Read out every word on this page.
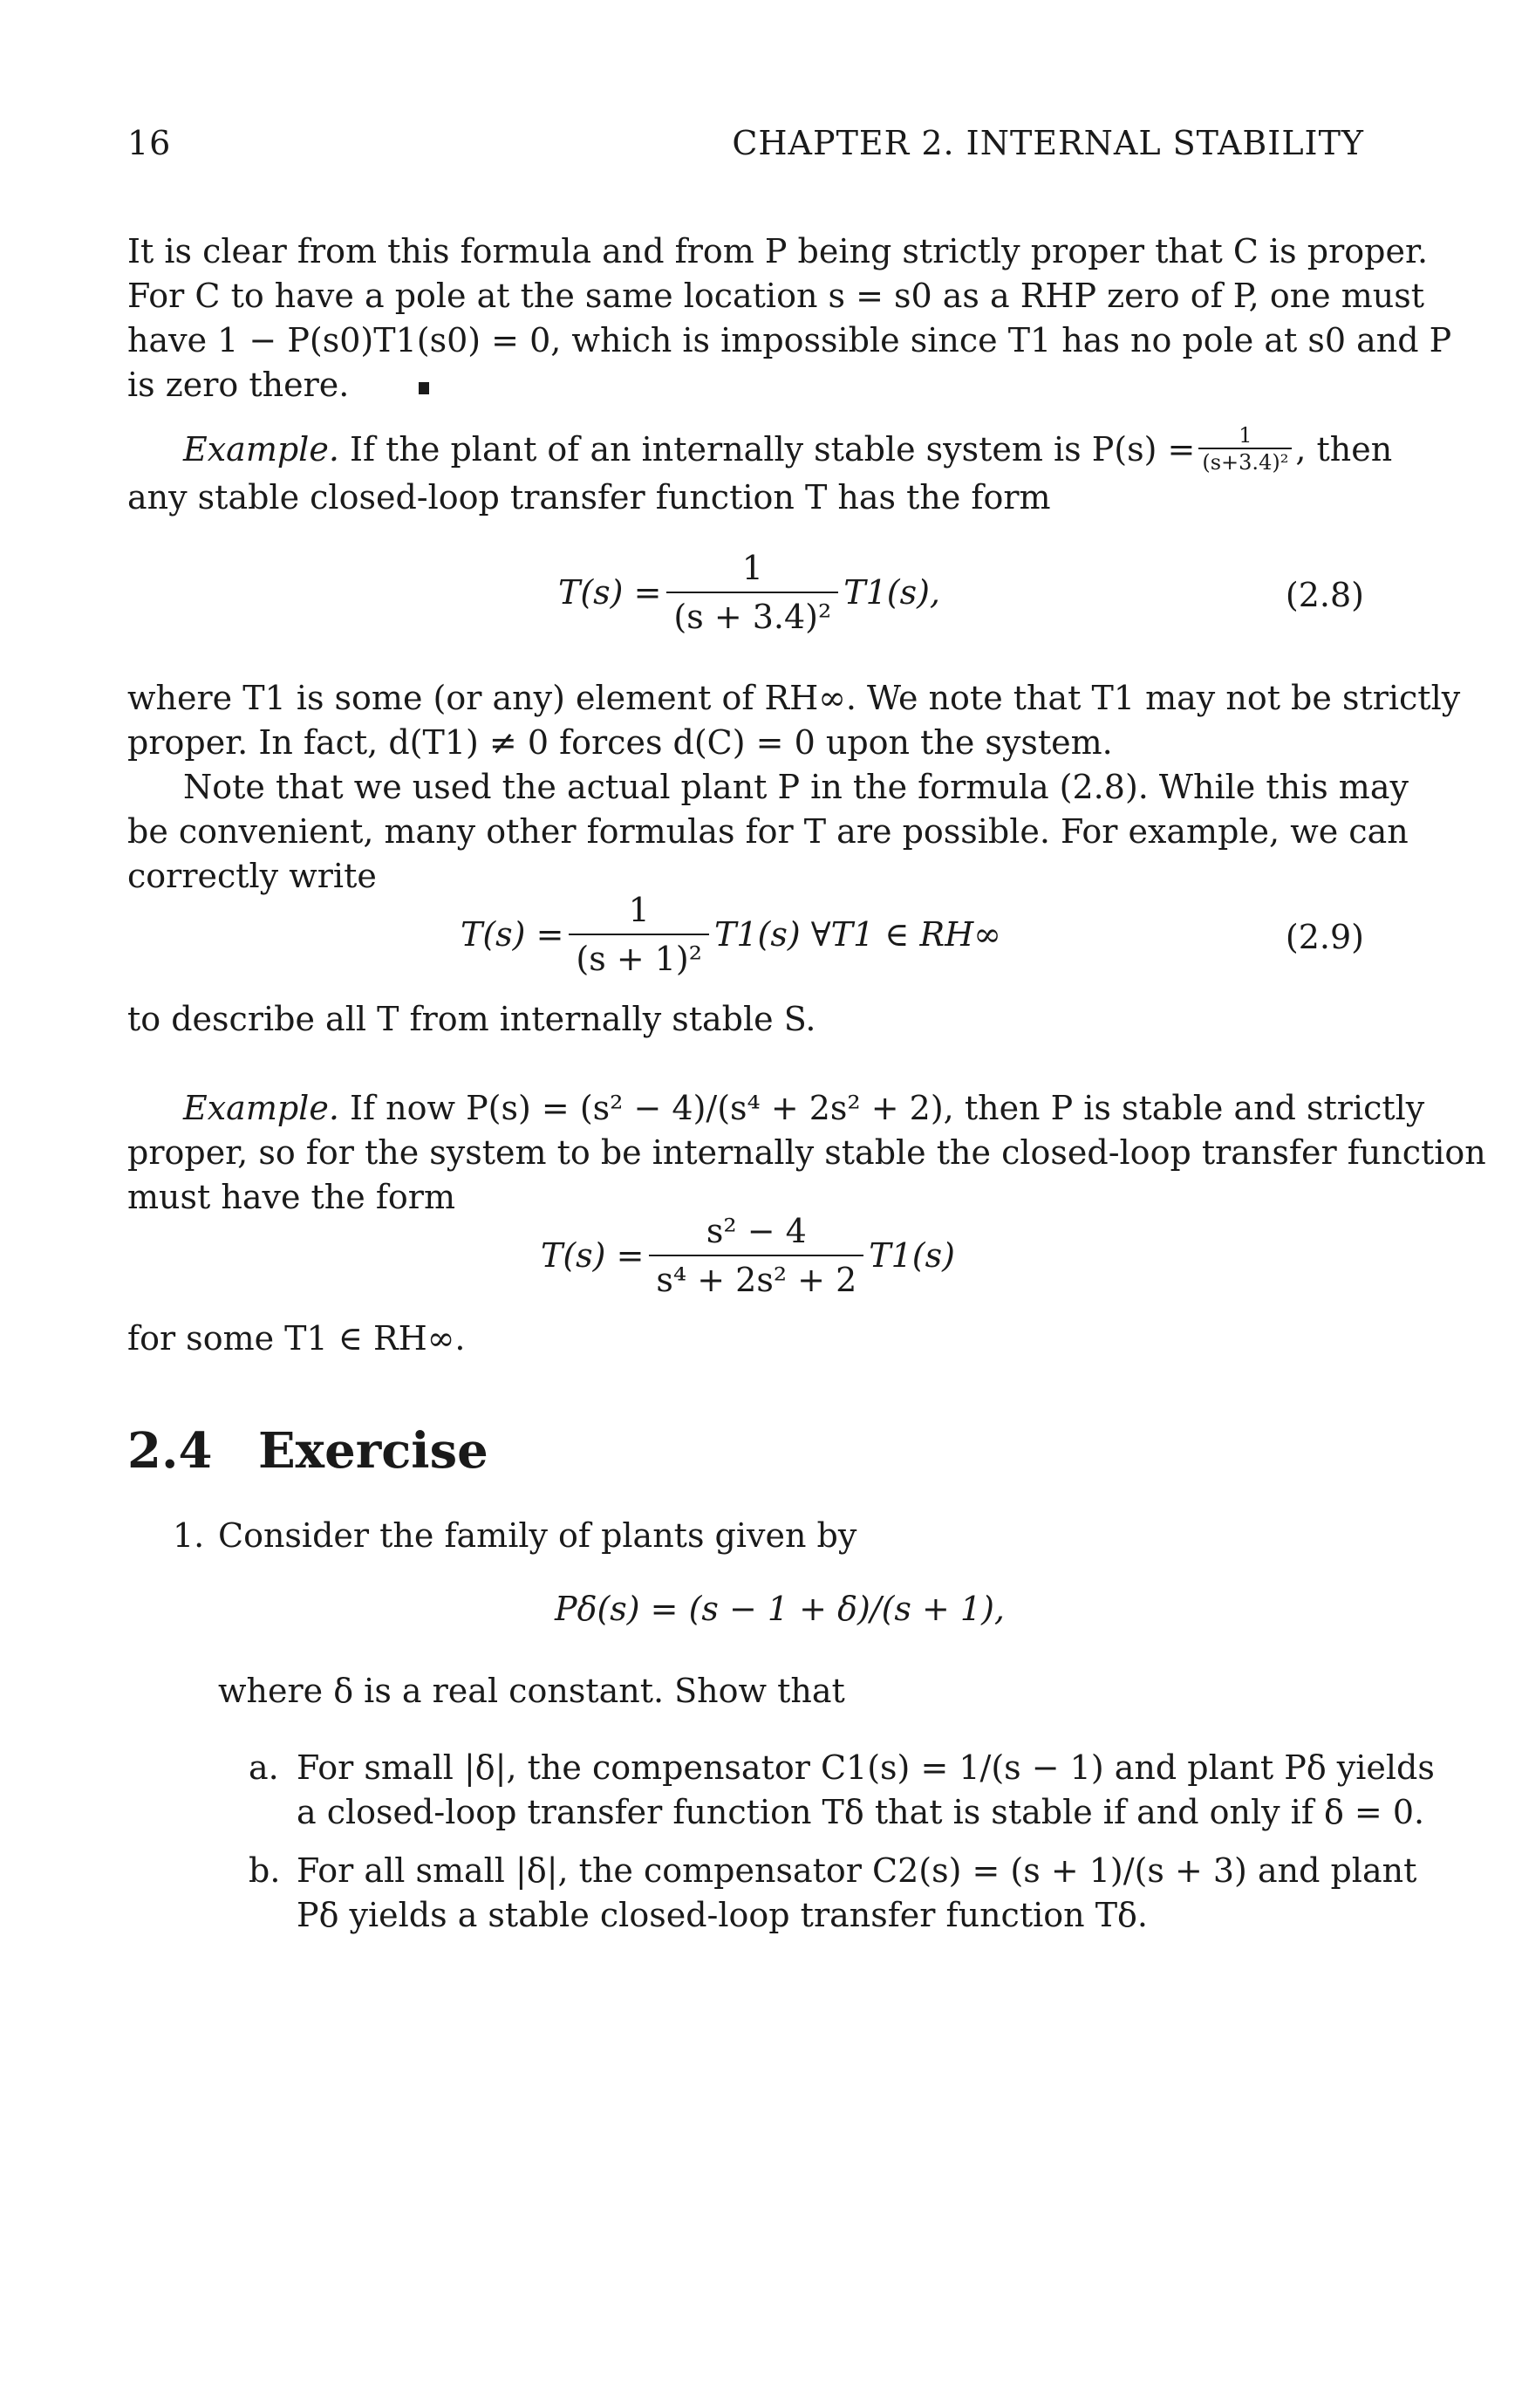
16	CHAPTER 2. INTERNAL STABILITY
It is clear from this formula and from P being strictly proper that C is proper.
For C to have a pole at the same location s = s0 as a RHP zero of P, one must
have 1 − P(s0)T1(s0) = 0, which is impossible since T1 has no pole at s0 and P
is zero there.
Example.
If the plant of an internally stable system is $P(s) = \frac{1}{\text{(s+3.4)²}}$ , then
any stable closed-loop transfer function T has the form
$T(s) = \frac{1}{\text{(s + 3.4)²}} T1(s)$,	(2.8)
where T1 is some (or any) element of RH∞. We note that T1 may not be strictly
proper. In fact, d(T1) ≠ 0 forces d(C) = 0 upon the system.
Note that we used the actual plant P in the formula (2.8). While this may
be convenient, many other formulas for T are possible. For example, we can
correctly write
$T(s) = \frac{1}{\text{(s + 1)²}} T1(s)$ ∀T1 ∈ RH∞	(2.9)
to describe all T from internally stable S.
Example. If now P(s) = (s² − 4)/(s⁴ + 2s² + 2), then P is stable and strictly
proper, so for the system to be internally stable the closed-loop transfer function
must have the form
$T(s) = \frac{\text{s² − 4}}{\text{s⁴ + 2s² + 2}} T1(s)$
for some T1 ∈ RH∞.
2.4 Exercise
1. Consider the family of plants given by
Pδ(s) = (s − 1 + δ)/(s + 1),
where δ is a real constant. Show that
a. For small |δ|, the compensator C1(s) = 1/(s − 1) and plant Pδ yields
a closed-loop transfer function Tδ that is stable if and only if δ = 0.
b. For all small |δ|, the compensator C2(s) = (s + 1)/(s + 3) and plant
Pδ yields a stable closed-loop transfer function Tδ.
